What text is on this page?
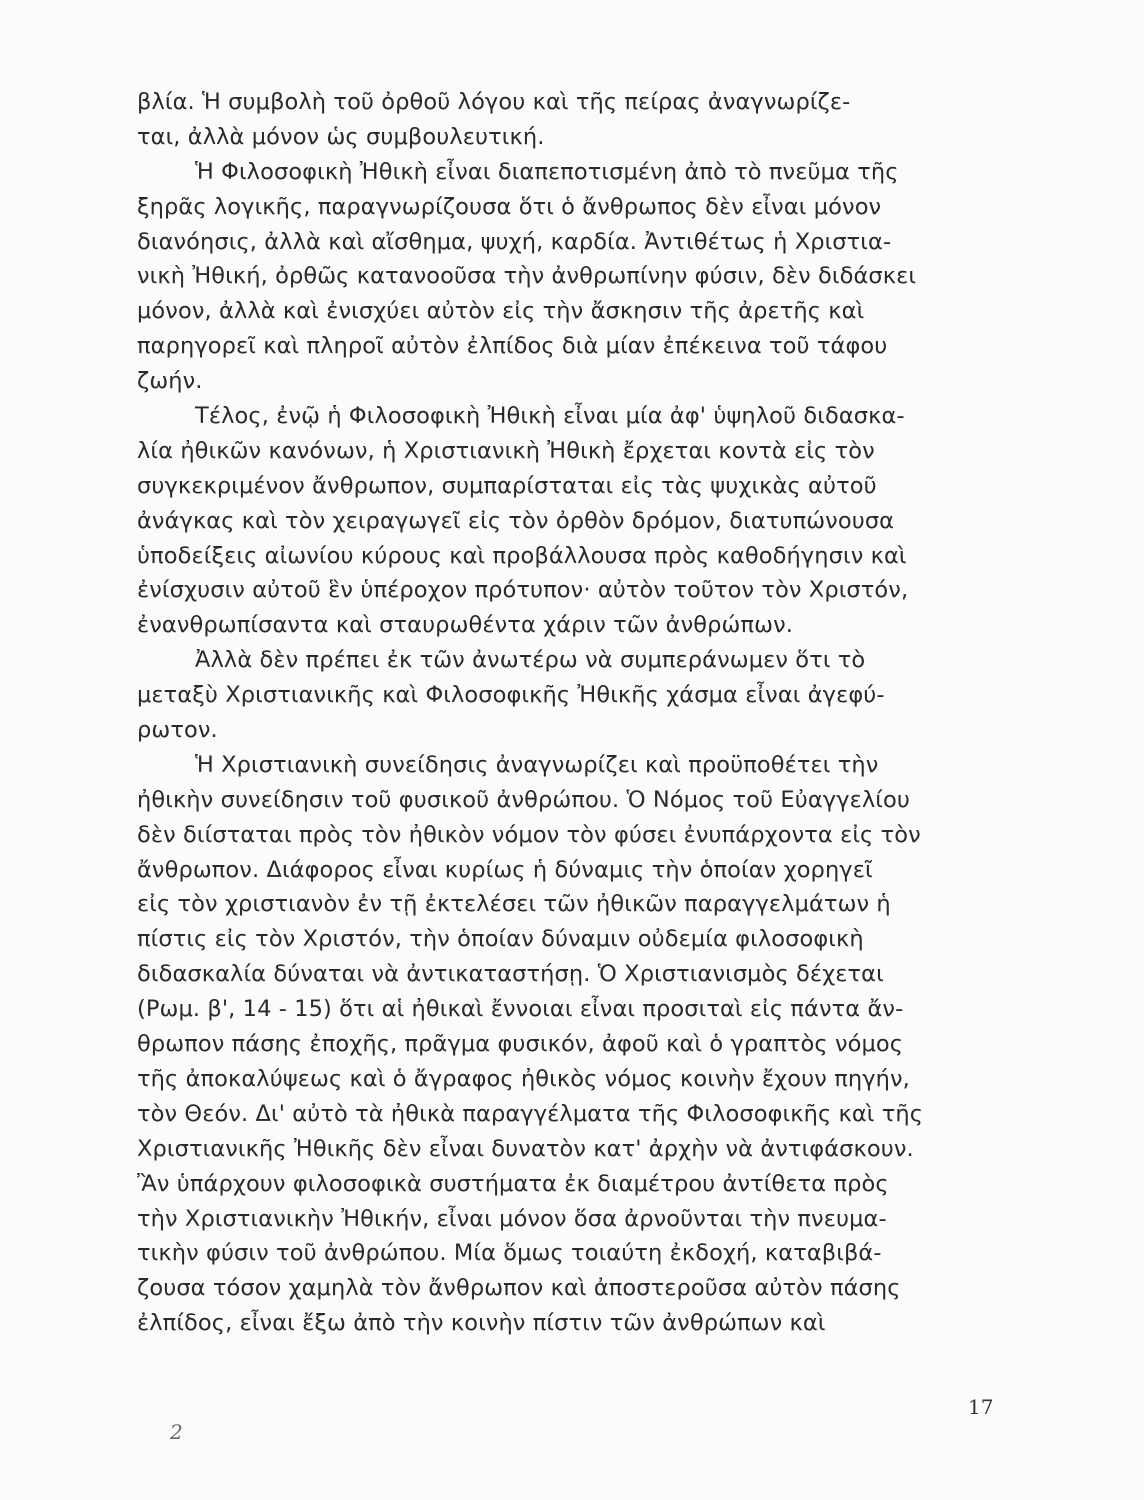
βλία. Ἡ συμβολὴ τοῦ ὀρθοῦ λόγου καὶ τῆς πείρας ἀναγνωρίζε-
ται, ἀλλὰ μόνον ὡς συμβουλευτική.
Ἡ Φιλοσοφικὴ Ἠθικὴ εἶναι διαπεποτισμένη ἀπὸ τὸ πνεῦμα τῆς
ξηρᾶς λογικῆς, παραγνωρίζουσα ὅτι ὁ ἄνθρωπος δὲν εἶναι μόνον
διανόησις, ἀλλὰ καὶ αἴσθημα, ψυχή, καρδία. Ἀντιθέτως ἡ Χριστια-
νικὴ Ἠθική, ὀρθῶς κατανοοῦσα τὴν ἀνθρωπίνην φύσιν, δὲν διδάσκει
μόνον, ἀλλὰ καὶ ἐνισχύει αὐτὸν εἰς τὴν ἄσκησιν τῆς ἀρετῆς καὶ
παρηγορεῖ καὶ πληροῖ αὐτὸν ἐλπίδος διὰ μίαν ἐπέκεινα τοῦ τάφου
ζωήν.
Τέλος, ἐνῷ ἡ Φιλοσοφικὴ Ἠθικὴ εἶναι μία ἀφ' ὑψηλοῦ διδασκα-
λία ἠθικῶν κανόνων, ἡ Χριστιανικὴ Ἠθικὴ ἔρχεται κοντὰ εἰς τὸν
συγκεκριμένον ἄνθρωπον, συμπαρίσταται εἰς τὰς ψυχικὰς αὐτοῦ
ἀνάγκας καὶ τὸν χειραγωγεῖ εἰς τὸν ὀρθὸν δρόμον, διατυπώνουσα
ὑποδείξεις αἰωνίου κύρους καὶ προβάλλουσα πρὸς καθοδήγησιν καὶ
ἐνίσχυσιν αὐτοῦ ἓν ὑπέροχον πρότυπον· αὐτὸν τοῦτον τὸν Χριστόν,
ἐνανθρωπίσαντα καὶ σταυρωθέντα χάριν τῶν ἀνθρώπων.
Ἀλλὰ δὲν πρέπει ἐκ τῶν ἀνωτέρω νὰ συμπεράνωμεν ὅτι τὸ
μεταξὺ Χριστιανικῆς καὶ Φιλοσοφικῆς Ἠθικῆς χάσμα εἶναι ἀγεφύ-
ρωτον.
Ἡ Χριστιανικὴ συνείδησις ἀναγνωρίζει καὶ προϋποθέτει τὴν
ἠθικὴν συνείδησιν τοῦ φυσικοῦ ἀνθρώπου. Ὁ Νόμος τοῦ Εὐαγγελίου
δὲν διίσταται πρὸς τὸν ἠθικὸν νόμον τὸν φύσει ἐνυπάρχοντα εἰς τὸν
ἄνθρωπον. Διάφορος εἶναι κυρίως ἡ δύναμις τὴν ὁποίαν χορηγεῖ
εἰς τὸν χριστιανὸν ἐν τῇ ἐκτελέσει τῶν ἠθικῶν παραγγελμάτων ἡ
πίστις εἰς τὸν Χριστόν, τὴν ὁποίαν δύναμιν οὐδεμία φιλοσοφικὴ
διδασκαλία δύναται νὰ ἀντικαταστήσῃ. Ὁ Χριστιανισμὸς δέχεται
(Ρωμ. β', 14 - 15) ὅτι αἱ ἠθικαὶ ἔννοιαι εἶναι προσιταὶ εἰς πάντα ἄν-
θρωπον πάσης ἐποχῆς, πρᾶγμα φυσικόν, ἀφοῦ καὶ ὁ γραπτὸς νόμος
τῆς ἀποκαλύψεως καὶ ὁ ἄγραφος ἠθικὸς νόμος κοινὴν ἔχουν πηγήν,
τὸν Θεόν. Δι' αὐτὸ τὰ ἠθικὰ παραγγέλματα τῆς Φιλοσοφικῆς καὶ τῆς
Χριστιανικῆς Ἠθικῆς δὲν εἶναι δυνατὸν κατ' ἀρχὴν νὰ ἀντιφάσκουν.
Ἂν ὑπάρχουν φιλοσοφικὰ συστήματα ἐκ διαμέτρου ἀντίθετα πρὸς
τὴν Χριστιανικὴν Ἠθικήν, εἶναι μόνον ὅσα ἀρνοῦνται τὴν πνευμα-
τικὴν φύσιν τοῦ ἀνθρώπου. Μία ὅμως τοιαύτη ἐκδοχή, καταβιβά-
ζουσα τόσον χαμηλὰ τὸν ἄνθρωπον καὶ ἀποστεροῦσα αὐτὸν πάσης
ἐλπίδος, εἶναι ἔξω ἀπὸ τὴν κοινὴν πίστιν τῶν ἀνθρώπων καὶ
17
2
